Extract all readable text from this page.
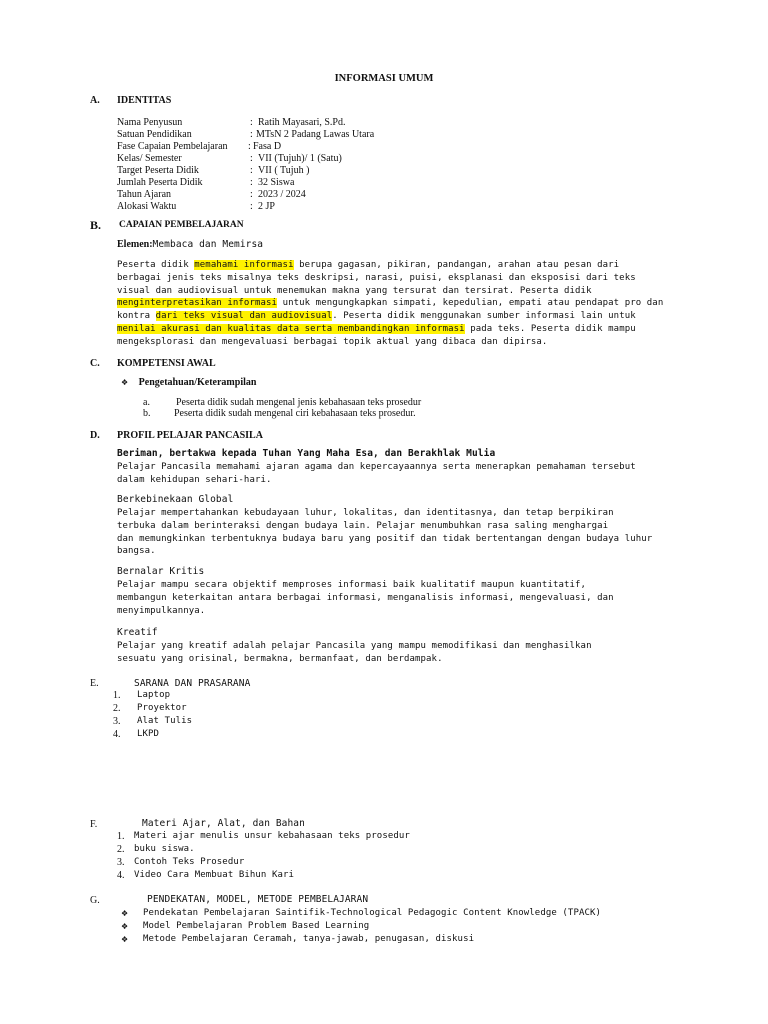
INFORMASI UMUM
A. IDENTITAS
Nama Penyusun	: Ratih Mayasari, S.Pd.
Satuan Pendidikan	: MTsN 2 Padang Lawas Utara
Fase Capaian Pembelajaran : Fasa D
Kelas/ Semester	: VII (Tujuh)/ 1 (Satu)
Target Peserta Didik	: VII ( Tujuh )
Jumlah Peserta Didik	: 32 Siswa
Tahun Ajaran	: 2023 / 2024
Alokasi Waktu	: 2 JP
B. CAPAIAN PEMBELAJARAN
Elemen:Membaca dan Memirsa
Peserta didik memahami informasi berupa gagasan, pikiran, pandangan, arahan atau pesan dari
berbagai jenis teks misalnya teks deskripsi, narasi, puisi, eksplanasi dan eksposisi dari teks
visual dan audiovisual untuk menemukan makna yang tersurat dan tersirat. Peserta didik
menginterpretasikan informasi untuk mengungkapkan simpati, kepedulian, empati atau pendapat pro dan
kontra dari teks visual dan audiovisual. Peserta didik menggunakan sumber informasi lain untuk
menilai akurasi dan kualitas data serta membandingkan informasi pada teks. Peserta didik mampu
mengeksplorasi dan mengevaluasi berbagai topik aktual yang dibaca dan dipirsa.
C. KOMPETENSI AWAL
❖ Pengetahuan/Keterampilan
a.	Peserta didik sudah mengenal jenis kebahasaan teks prosedur
b. Peserta didik sudah mengenal ciri kebahasaan teks prosedur.
D. PROFIL PELAJAR PANCASILA
Beriman, bertakwa kepada Tuhan Yang Maha Esa, dan Berakhlak Mulia
Pelajar Pancasila memahami ajaran agama dan kepercayaannya serta menerapkan pemahaman tersebut
dalam kehidupan sehari-hari.
Berkebinekaan Global
Pelajar mempertahankan kebudayaan luhur, lokalitas, dan identitasnya, dan tetap berpikiran
terbuka dalam berinteraksi dengan budaya lain. Pelajar menumbuhkan rasa saling menghargai
dan memungkinkan terbentuknya budaya baru yang positif dan tidak bertentangan dengan budaya luhur
bangsa.
Bernalar Kritis
Pelajar mampu secara objektif memproses informasi baik kualitatif maupun kuantitatif,
membangun keterkaitan antara berbagai informasi, menganalisis informasi, mengevaluasi, dan
menyimpulkannya.
Kreatif
Pelajar yang kreatif adalah pelajar Pancasila yang mampu memodifikasi dan menghasilkan
sesuatu yang orisinal, bermakna, bermanfaat, dan berdampak.
E.	SARANA DAN PRASARANA
1. Laptop
2. Proyektor
3. Alat Tulis
4. LKPD
F.	Materi Ajar, Alat, dan Bahan
1. Materi ajar menulis unsur kebahasaan teks prosedur
2. buku siswa.
3. Contoh Teks Prosedur
4. Video Cara Membuat Bihun Kari
G.	PENDEKATAN, MODEL, METODE PEMBELAJARAN
❖ Pendekatan Pembelajaran Saintifik-Technological Pedagogic Content Knowledge (TPACK)
❖ Model Pembelajaran Problem Based Learning
❖ Metode Pembelajaran Ceramah, tanya-jawab, penugasan, diskusi
